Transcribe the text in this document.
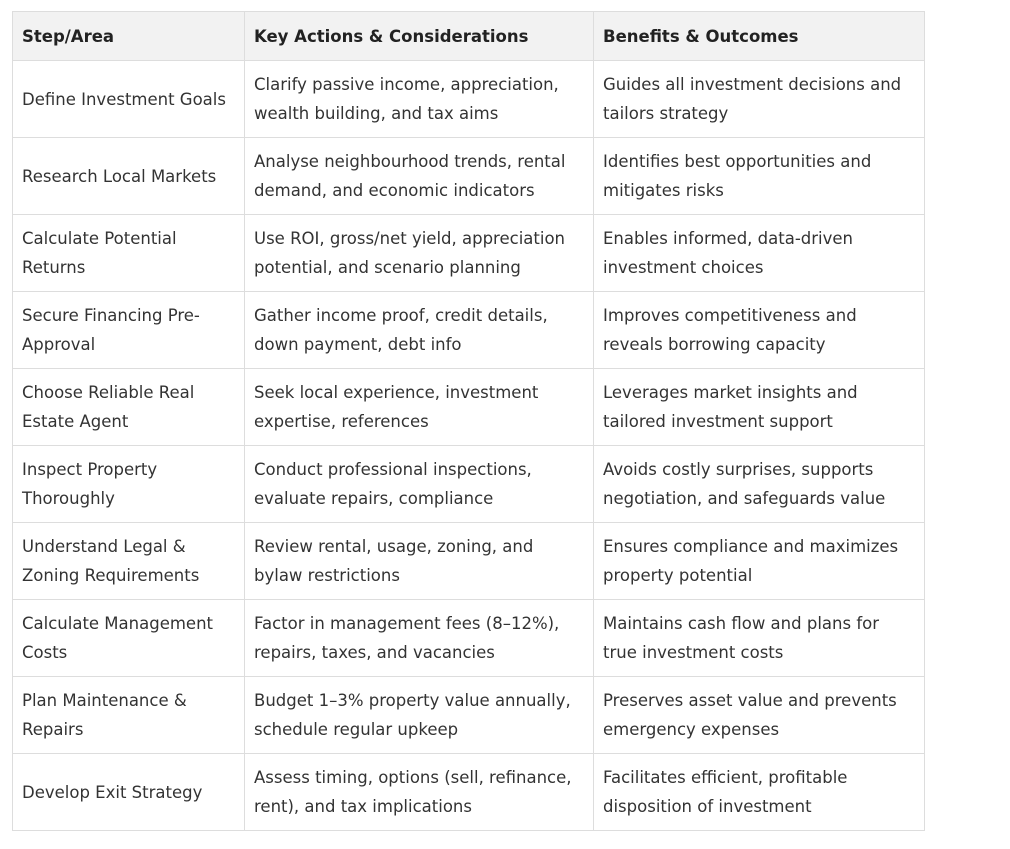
Step/Area	Key Actions & Considerations	Benefits & Outcomes
Define Investment Goals	Clarify passive income, appreciation, wealth building, and tax aims	Guides all investment decisions and tailors strategy
Research Local Markets	Analyse neighbourhood trends, rental demand, and economic indicators	Identifies best opportunities and mitigates risks
Calculate Potential Returns	Use ROI, gross/net yield, appreciation potential, and scenario planning	Enables informed, data-driven investment choices
Secure Financing Pre-Approval	Gather income proof, credit details, down payment, debt info	Improves competitiveness and reveals borrowing capacity
Choose Reliable Real Estate Agent	Seek local experience, investment expertise, references	Leverages market insights and tailored investment support
Inspect Property Thoroughly	Conduct professional inspections, evaluate repairs, compliance	Avoids costly surprises, supports negotiation, and safeguards value
Understand Legal & Zoning Requirements	Review rental, usage, zoning, and bylaw restrictions	Ensures compliance and maximizes property potential
Calculate Management Costs	Factor in management fees (8–12%), repairs, taxes, and vacancies	Maintains cash flow and plans for true investment costs
Plan Maintenance & Repairs	Budget 1–3% property value annually, schedule regular upkeep	Preserves asset value and prevents emergency expenses
Develop Exit Strategy	Assess timing, options (sell, refinance, rent), and tax implications	Facilitates efficient, profitable disposition of investment
